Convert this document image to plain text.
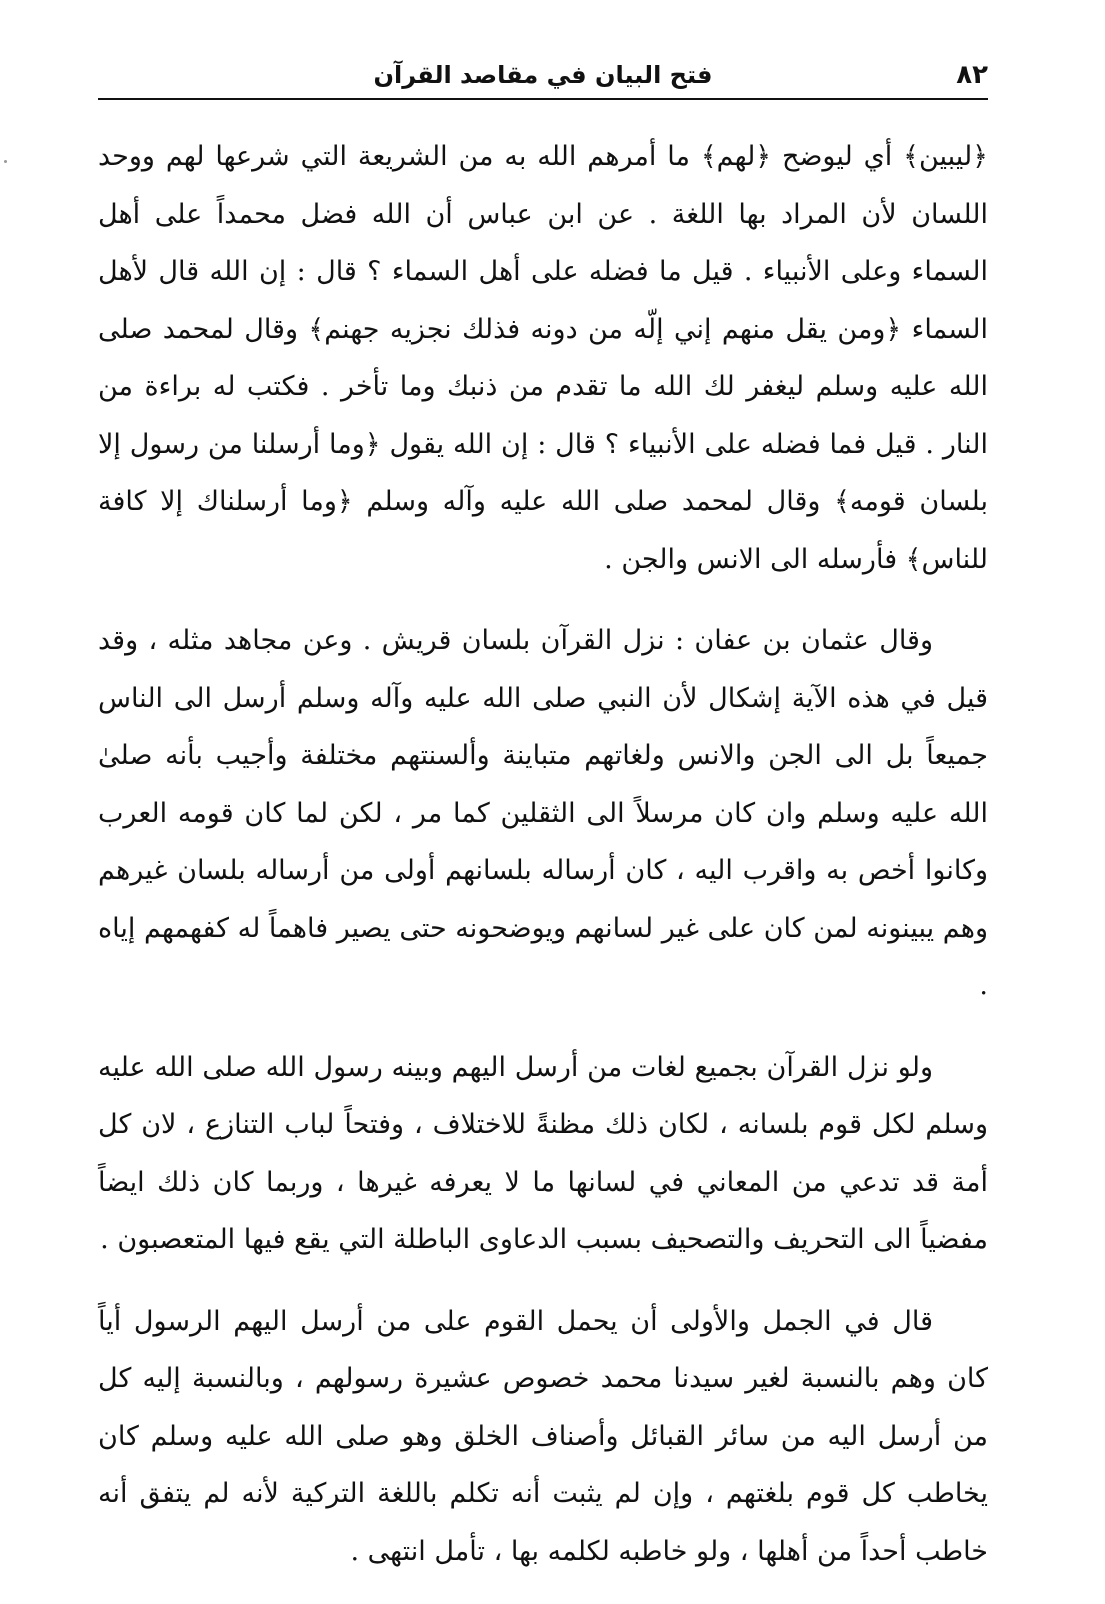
٨٢
فتح البيان في مقاصد القرآن

﴿ليبين﴾ أي ليوضح ﴿لهم﴾ ما أمرهم الله به من الشريعة التي شرعها لهم ووحد اللسان لأن المراد بها اللغة . عن ابن عباس أن الله فضل محمداً على أهل السماء وعلى الأنبياء . قيل ما فضله على أهل السماء ؟ قال : إن الله قال لأهل السماء ﴿ومن يقل منهم إني إلّه من دونه فذلك نجزيه جهنم﴾ وقال لمحمد صلى الله عليه وسلم ليغفر لك الله ما تقدم من ذنبك وما تأخر . فكتب له براءة من النار . قيل فما فضله على الأنبياء ؟ قال : إن الله يقول ﴿وما أرسلنا من رسول إلا بلسان قومه﴾ وقال لمحمد صلى الله عليه وآله وسلم ﴿وما أرسلناك إلا كافة للناس﴾ فأرسله الى الانس والجن .

وقال عثمان بن عفان : نزل القرآن بلسان قريش . وعن مجاهد مثله ، وقد قيل في هذه الآية إشكال لأن النبي صلى الله عليه وآله وسلم أرسل الى الناس جميعاً بل الى الجن والانس ولغاتهم متباينة وألسنتهم مختلفة وأجيب بأنه صلىٰ الله عليه وسلم وان كان مرسلاً الى الثقلين كما مر ، لكن لما كان قومه العرب وكانوا أخص به واقرب اليه ، كان أرساله بلسانهم أولى من أرساله بلسان غيرهم وهم يبينونه لمن كان على غير لسانهم ويوضحونه حتى يصير فاهماً له كفهمهم إياه .

ولو نزل القرآن بجميع لغات من أرسل اليهم وبينه رسول الله صلى الله عليه وسلم لكل قوم بلسانه ، لكان ذلك مظنةً للاختلاف ، وفتحاً لباب التنازع ، لان كل أمة قد تدعي من المعاني في لسانها ما لا يعرفه غيرها ، وربما كان ذلك ايضاً مفضياً الى التحريف والتصحيف بسبب الدعاوى الباطلة التي يقع فيها المتعصبون .

قال في الجمل والأولى أن يحمل القوم على من أرسل اليهم الرسول أياً كان وهم بالنسبة لغير سيدنا محمد خصوص عشيرة رسولهم ، وبالنسبة إليه كل من أرسل اليه من سائر القبائل وأصناف الخلق وهو صلى الله عليه وسلم كان يخاطب كل قوم بلغتهم ، وإن لم يثبت أنه تكلم باللغة التركية لأنه لم يتفق أنه خاطب أحداً من أهلها ، ولو خاطبه لكلمه بها ، تأمل انتهى .
